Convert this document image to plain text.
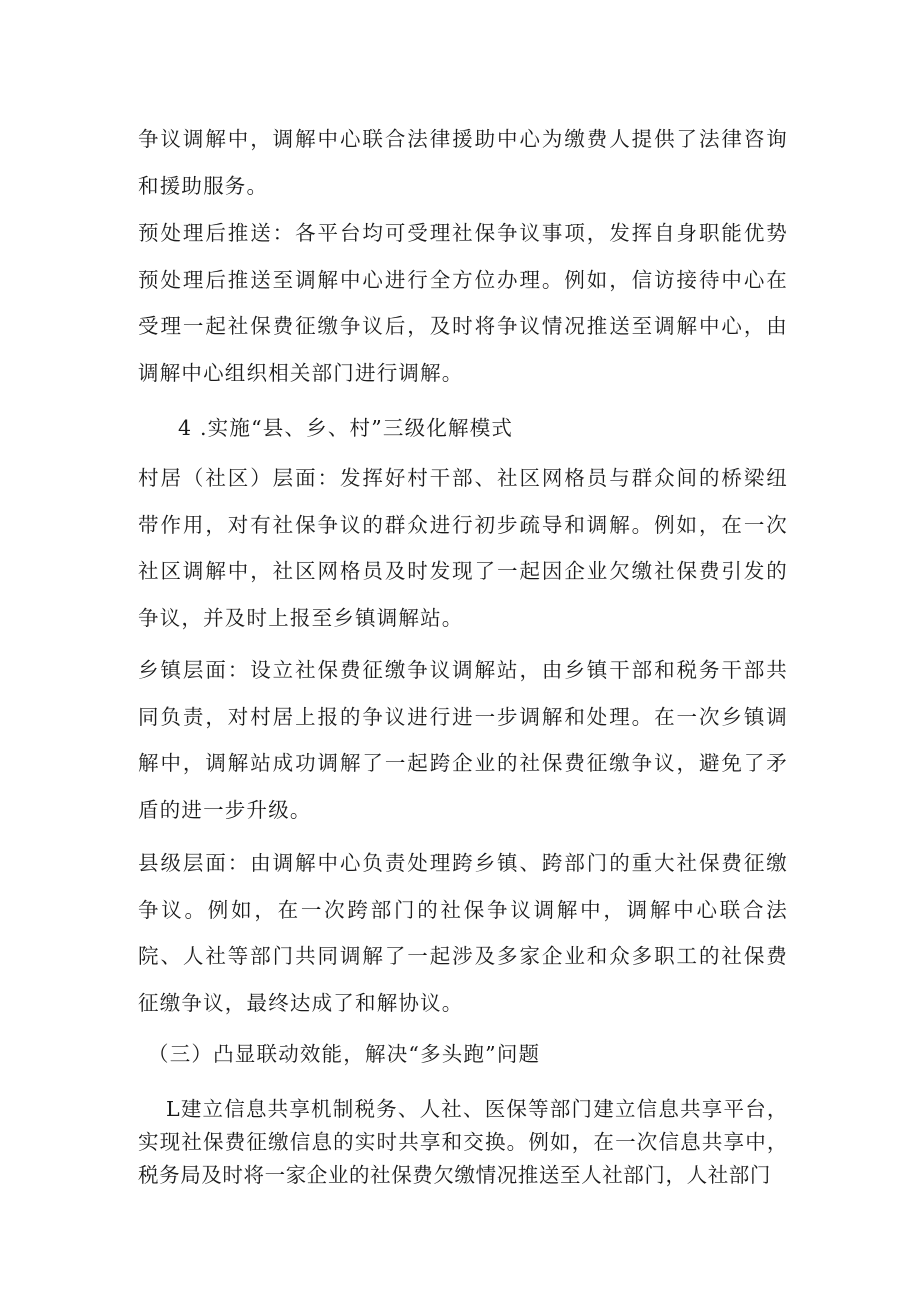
争议调解中，调解中心联合法律援助中心为缴费人提供了法律咨询和援助服务。

预处理后推送：各平台均可受理社保争议事项，发挥自身职能优势预处理后推送至调解中心进行全方位办理。例如，信访接待中心在受理一起社保费征缴争议后，及时将争议情况推送至调解中心，由调解中心组织相关部门进行调解。

4 .实施“县、乡、村”三级化解模式

村居（社区）层面：发挥好村干部、社区网格员与群众间的桥梁纽带作用，对有社保争议的群众进行初步疏导和调解。例如，在一次社区调解中，社区网格员及时发现了一起因企业欠缴社保费引发的争议，并及时上报至乡镇调解站。

乡镇层面：设立社保费征缴争议调解站，由乡镇干部和税务干部共同负责，对村居上报的争议进行进一步调解和处理。在一次乡镇调解中，调解站成功调解了一起跨企业的社保费征缴争议，避免了矛盾的进一步升级。

县级层面：由调解中心负责处理跨乡镇、跨部门的重大社保费征缴争议。例如，在一次跨部门的社保争议调解中，调解中心联合法院、人社等部门共同调解了一起涉及多家企业和众多职工的社保费征缴争议，最终达成了和解协议。

（三）凸显联动效能，解决“多头跑”问题

L建立信息共享机制税务、人社、医保等部门建立信息共享平台，实现社保费征缴信息的实时共享和交换。例如，在一次信息共享中，税务局及时将一家企业的社保费欠缴情况推送至人社部门，人社部门
